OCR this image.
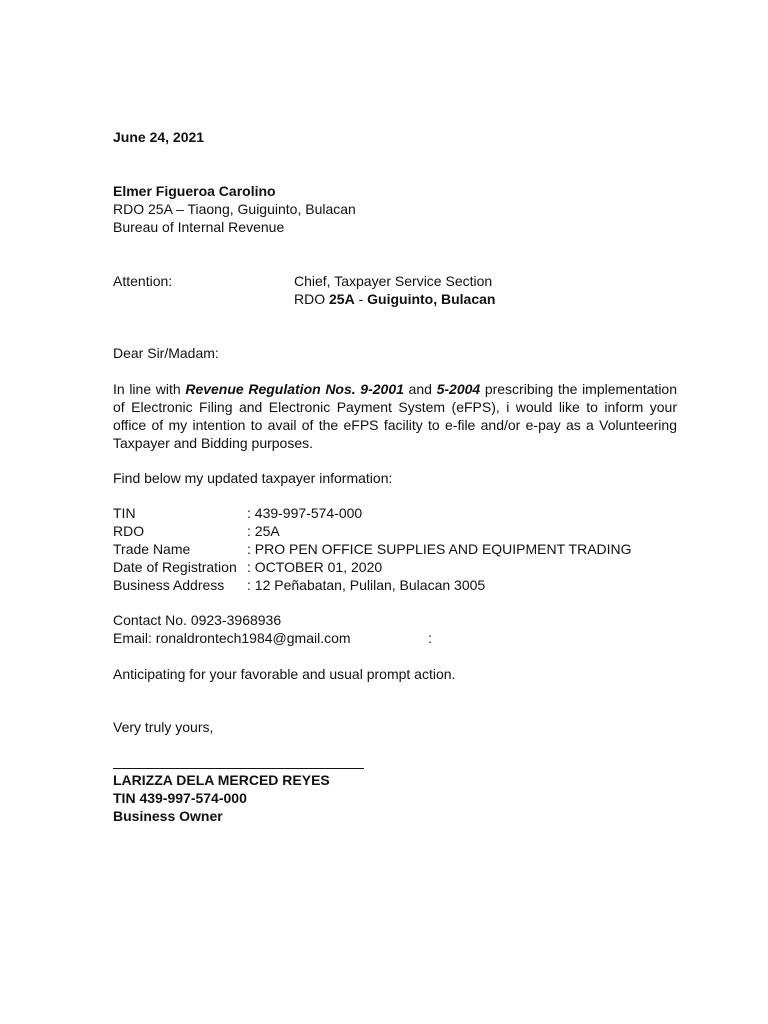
June 24, 2021
Elmer Figueroa Carolino
RDO 25A – Tiaong, Guiguinto, Bulacan
Bureau of Internal Revenue
Attention:	Chief, Taxpayer Service Section
RDO 25A - Guiguinto, Bulacan
Dear Sir/Madam:
In line with Revenue Regulation Nos. 9-2001 and 5-2004 prescribing the implementation of Electronic Filing and Electronic Payment System (eFPS), i would like to inform your office of my intention to avail of the eFPS facility to e-file and/or e-pay as a Volunteering Taxpayer and Bidding purposes.
Find below my updated taxpayer information:
TIN	: 439-997-574-000
RDO	: 25A
Trade Name	: PRO PEN OFFICE SUPPLIES AND EQUIPMENT TRADING
Date of Registration : OCTOBER 01, 2020
Business Address : 12 Peñabatan, Pulilan, Bulacan 3005
Contact No. 0923-3968936
Email: ronaldrontech1984@gmail.com	:
Anticipating for your favorable and usual prompt action.
Very truly yours,
LARIZZA DELA MERCED REYES
TIN 439-997-574-000
Business Owner
